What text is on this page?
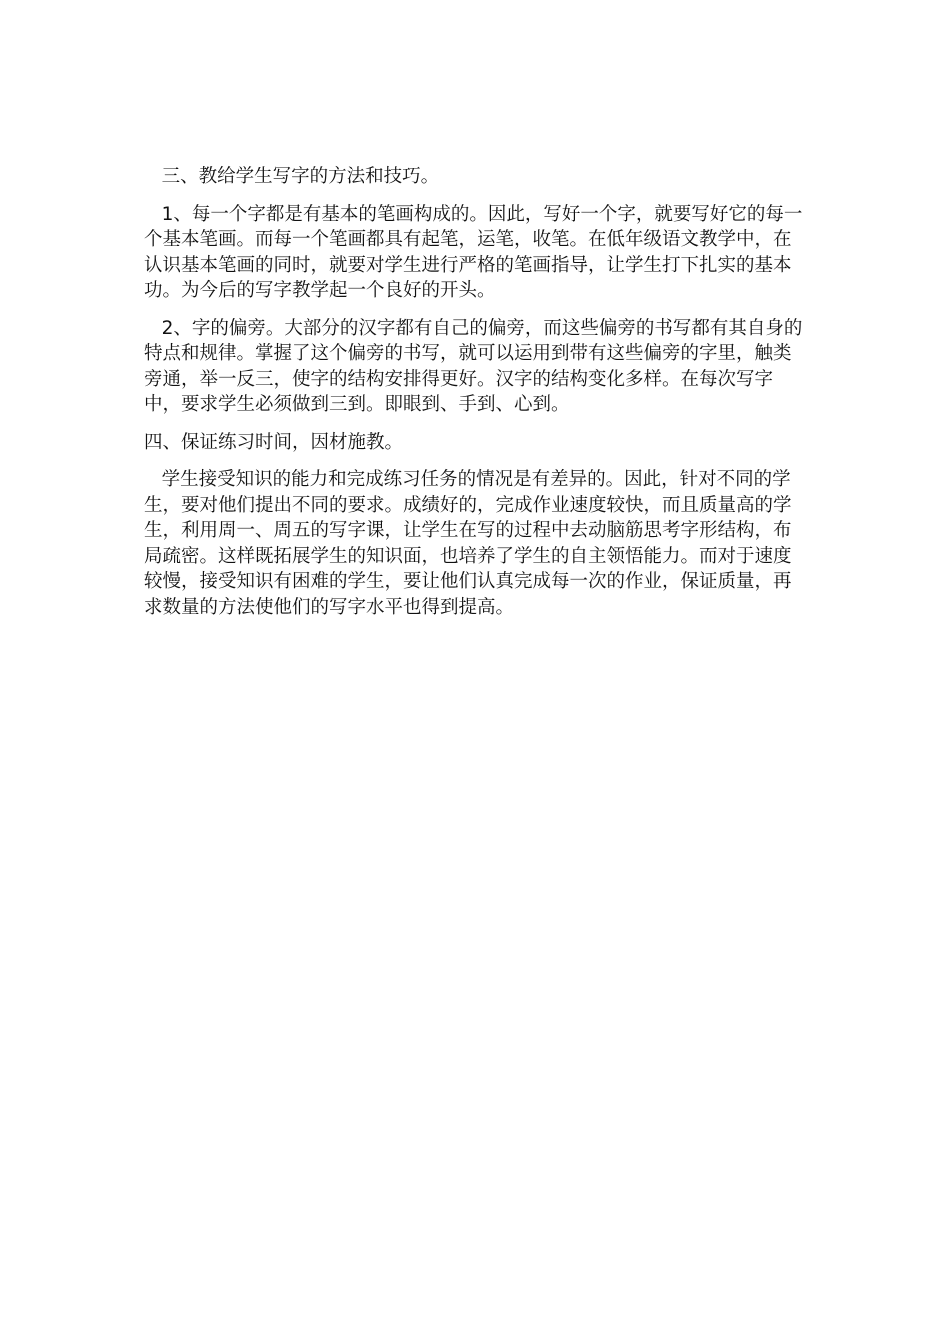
三、教给学生写字的方法和技巧。

1、每一个字都是有基本的笔画构成的。因此，写好一个字，就要写好它的每一个基本笔画。而每一个笔画都具有起笔，运笔，收笔。在低年级语文教学中，在认识基本笔画的同时，就要对学生进行严格的笔画指导，让学生打下扎实的基本功。为今后的写字教学起一个良好的开头。

2、字的偏旁。大部分的汉字都有自己的偏旁，而这些偏旁的书写都有其自身的特点和规律。掌握了这个偏旁的书写，就可以运用到带有这些偏旁的字里，触类旁通，举一反三，使字的结构安排得更好。汉字的结构变化多样。在每次写字中，要求学生必须做到三到。即眼到、手到、心到。

四、保证练习时间，因材施教。

学生接受知识的能力和完成练习任务的情况是有差异的。因此，针对不同的学生，要对他们提出不同的要求。成绩好的，完成作业速度较快，而且质量高的学生，利用周一、周五的写字课，让学生在写的过程中去动脑筋思考字形结构，布局疏密。这样既拓展学生的知识面，也培养了学生的自主领悟能力。而对于速度较慢，接受知识有困难的学生，要让他们认真完成每一次的作业，保证质量，再求数量的方法使他们的写字水平也得到提高。
